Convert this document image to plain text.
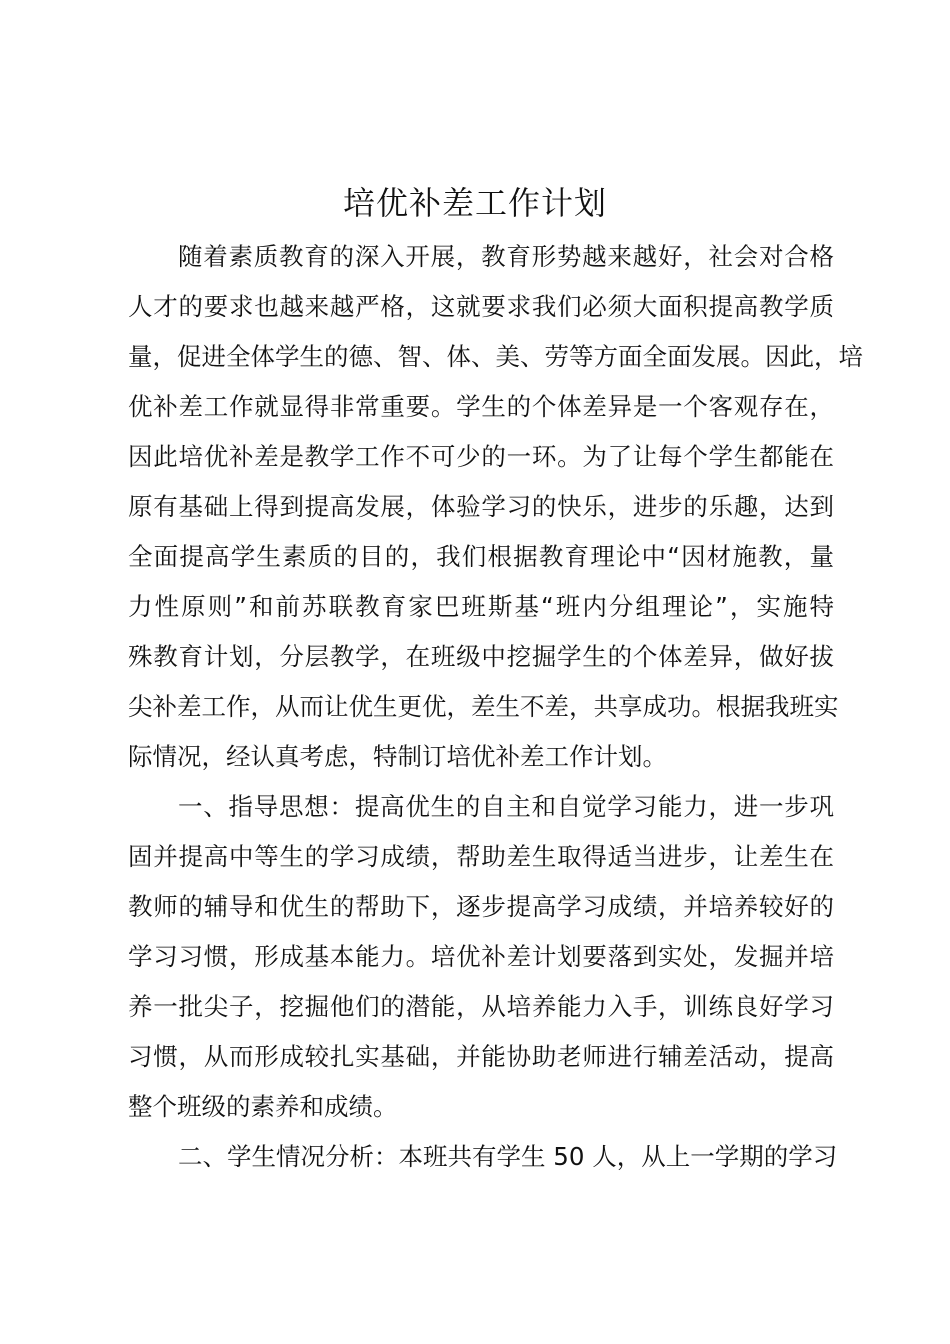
培优补差工作计划
随着素质教育的深入开展，教育形势越来越好，社会对合格
人才的要求也越来越严格，这就要求我们必须大面积提高教学质
量，促进全体学生的德、智、体、美、劳等方面全面发展。因此，培
优补差工作就显得非常重要。学生的个体差异是一个客观存在，
因此培优补差是教学工作不可少的一环。为了让每个学生都能在
原有基础上得到提高发展，体验学习的快乐，进步的乐趣，达到
全面提高学生素质的目的，我们根据教育理论中“因材施教，量
力性原则”和前苏联教育家巴班斯基“班内分组理论”，实施特
殊教育计划，分层教学，在班级中挖掘学生的个体差异，做好拔
尖补差工作，从而让优生更优，差生不差，共享成功。根据我班实
际情况，经认真考虑，特制订培优补差工作计划。
一、指导思想：提高优生的自主和自觉学习能力，进一步巩
固并提高中等生的学习成绩，帮助差生取得适当进步，让差生在
教师的辅导和优生的帮助下，逐步提高学习成绩，并培养较好的
学习习惯，形成基本能力。培优补差计划要落到实处，发掘并培
养一批尖子，挖掘他们的潜能，从培养能力入手，训练良好学习
习惯，从而形成较扎实基础，并能协助老师进行辅差活动，提高
整个班级的素养和成绩。
二、学生情况分析：本班共有学生 50 人，从上一学期的学习
